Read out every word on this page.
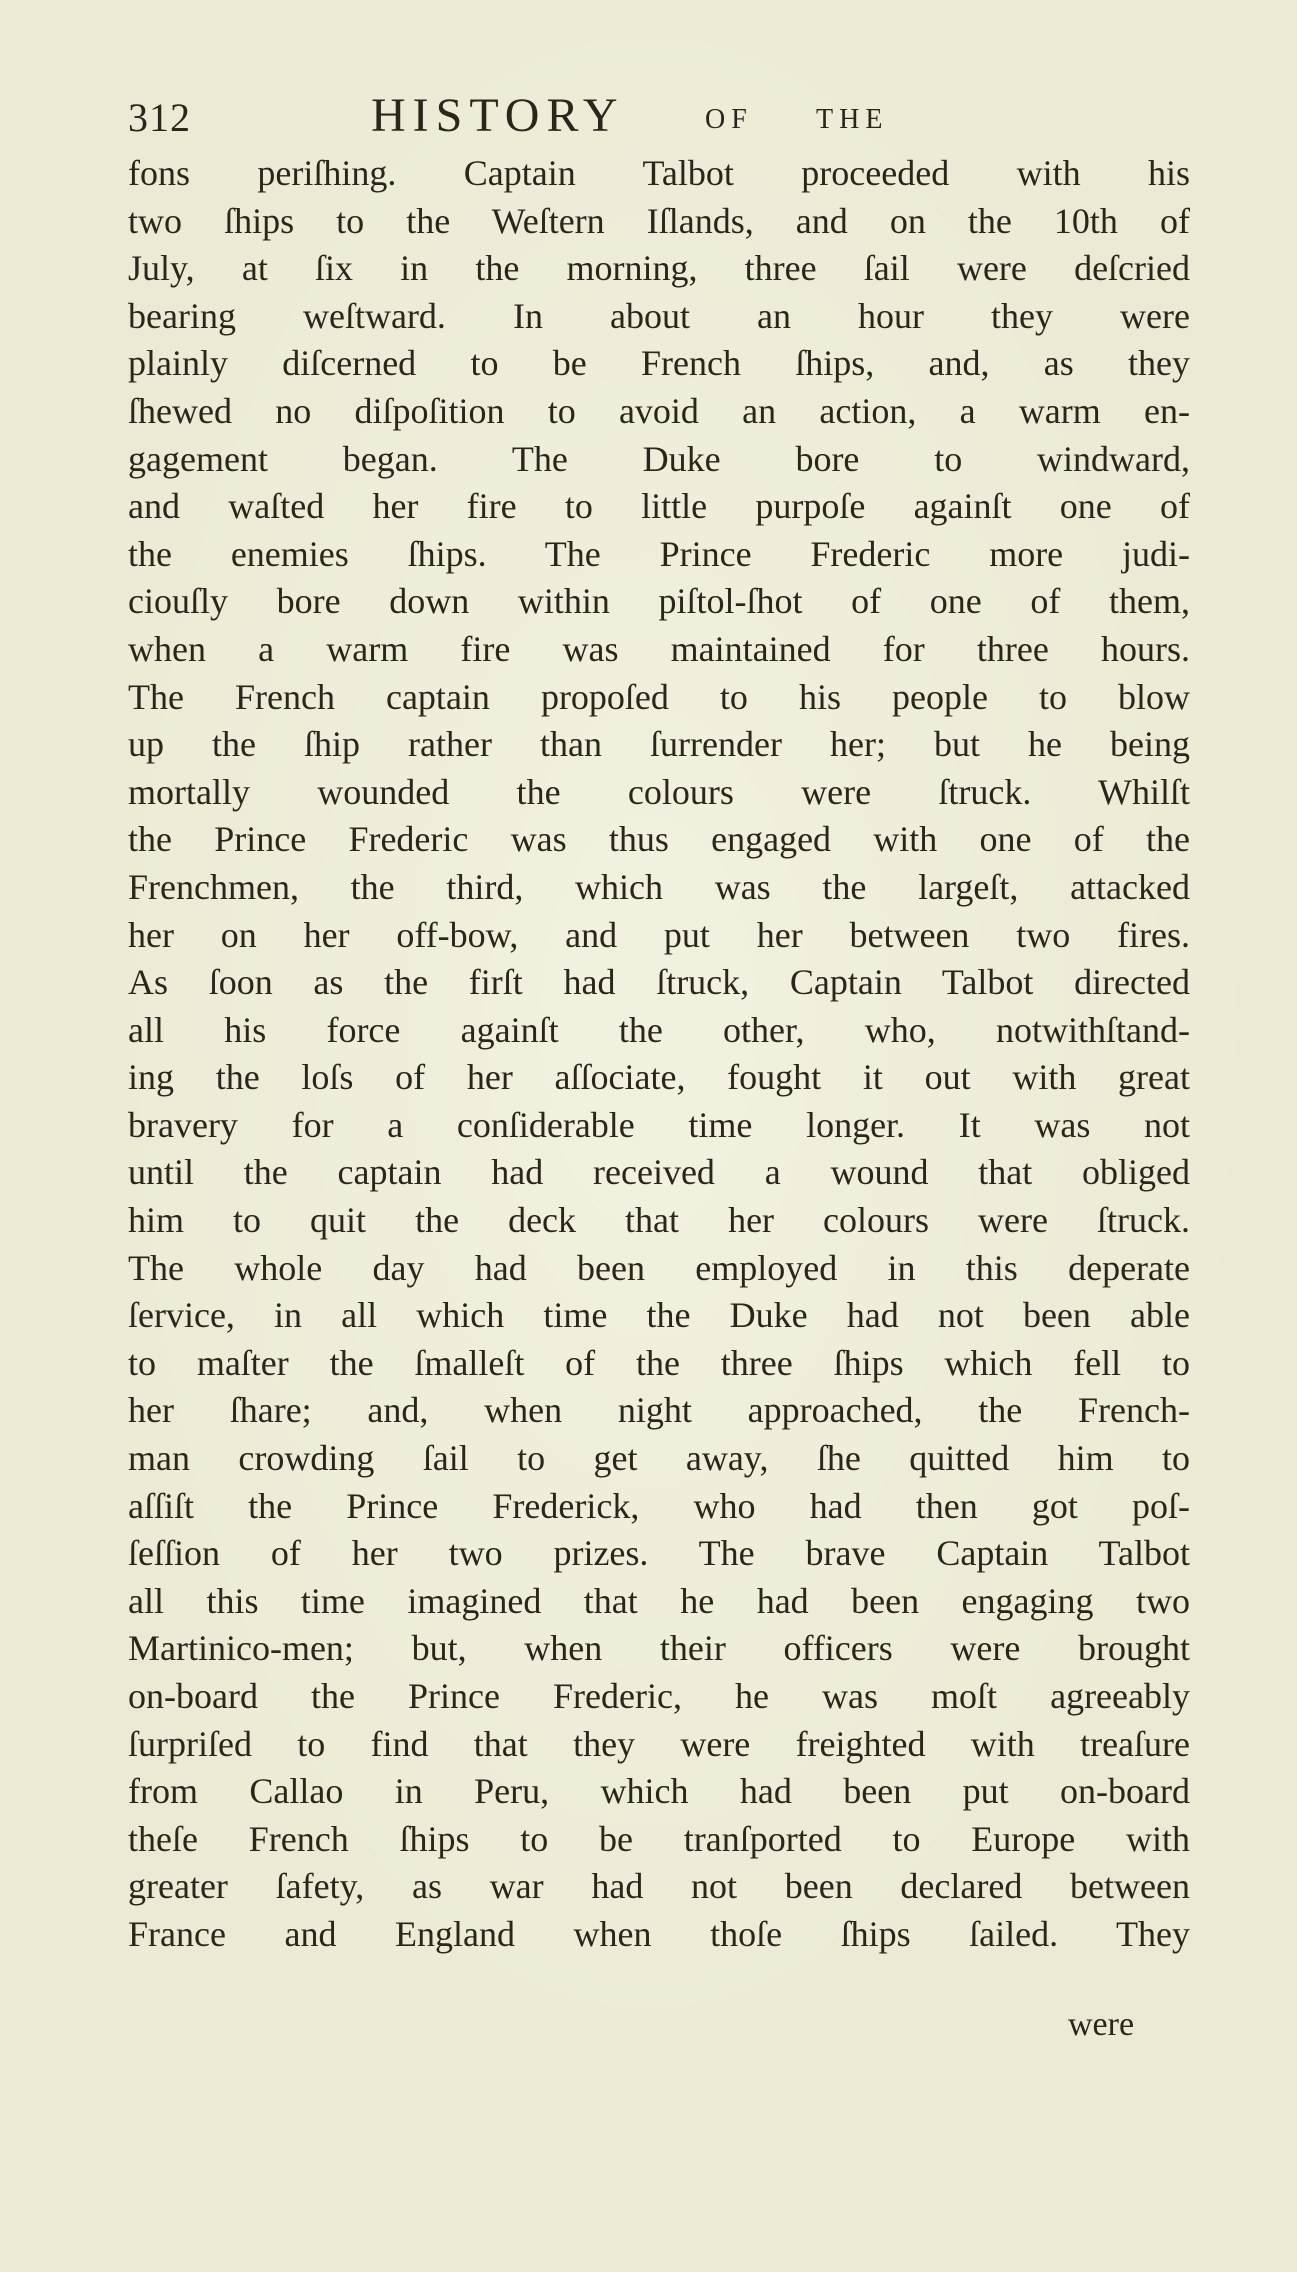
312	HISTORY	OF THE
fons periſhing. Captain Talbot proceeded with his
two ſhips to the Weſtern Iſlands, and on the 10th of
July, at ſix in the morning, three ſail were deſcried
bearing weſtward. In about an hour they were
plainly diſcerned to be French ſhips, and, as they
ſhewed no diſpoſition to avoid an action, a warm en-
gagement began. The Duke bore to windward,
and waſted her fire to little purpoſe againſt one of
the enemies ſhips. The Prince Frederic more judi-
ciouſly bore down within piſtol-ſhot of one of them,
when a warm fire was maintained for three hours.
The French captain propoſed to his people to blow
up the ſhip rather than ſurrender her; but he being
mortally wounded the colours were ſtruck. Whilſt
the Prince Frederic was thus engaged with one of the
Frenchmen, the third, which was the largeſt, attacked
her on her off-bow, and put her between two fires.
As ſoon as the firſt had ſtruck, Captain Talbot directed
all his force againſt the other, who, notwithſtand-
ing the loſs of her aſſociate, fought it out with great
bravery for a conſiderable time longer. It was not
until the captain had received a wound that obliged
him to quit the deck that her colours were ſtruck.
The whole day had been employed in this deperate
ſervice, in all which time the Duke had not been able
to maſter the ſmalleſt of the three ſhips which fell to
her ſhare; and, when night approached, the French-
man crowding ſail to get away, ſhe quitted him to
aſſiſt the Prince Frederick, who had then got poſ-
ſeſſion of her two prizes. The brave Captain Talbot
all this time imagined that he had been engaging two
Martinico-men; but, when their officers were brought
on-board the Prince Frederic, he was moſt agreeably
ſurpriſed to find that they were freighted with treaſure
from Callao in Peru, which had been put on-board
theſe French ſhips to be tranſported to Europe with
greater ſafety, as war had not been declared between
France and England when thoſe ſhips ſailed. They
were
